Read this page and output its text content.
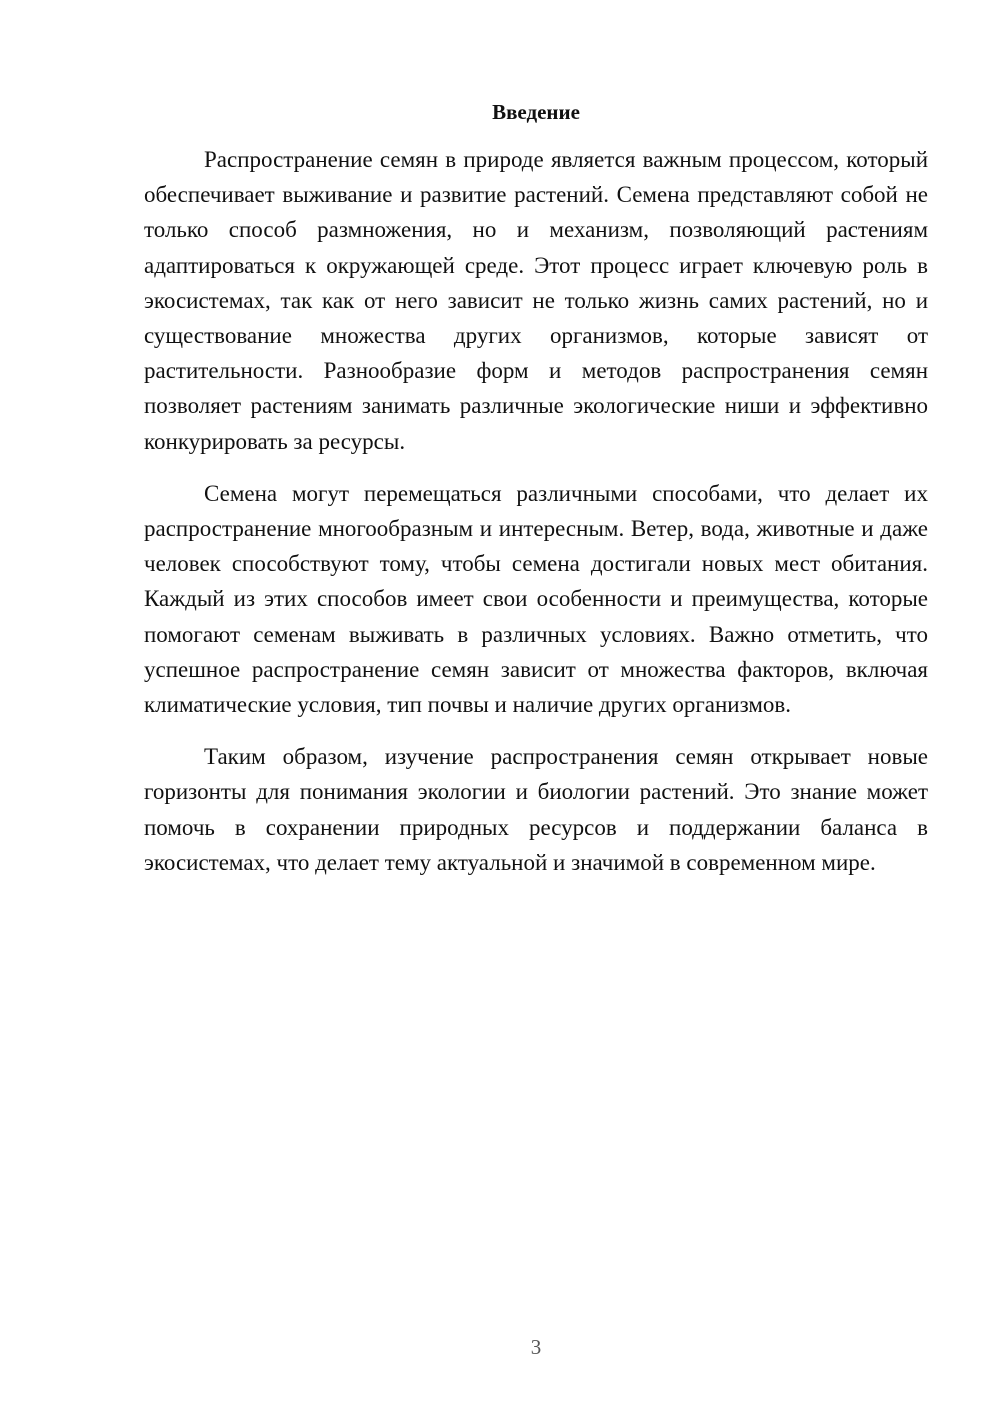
Введение

Распространение семян в природе является важным процессом, который обеспечивает выживание и развитие растений. Семена представляют собой не только способ размножения, но и механизм, позволяющий растениям адаптироваться к окружающей среде. Этот процесс играет ключевую роль в экосистемах, так как от него зависит не только жизнь самих растений, но и существование множества других организмов, которые зависят от растительности. Разнообразие форм и методов распространения семян позволяет растениям занимать различные экологические ниши и эффективно конкурировать за ресурсы.

Семена могут перемещаться различными способами, что делает их распространение многообразным и интересным. Ветер, вода, животные и даже человек способствуют тому, чтобы семена достигали новых мест обитания. Каждый из этих способов имеет свои особенности и преимущества, которые помогают семенам выживать в различных условиях. Важно отметить, что успешное распространение семян зависит от множества факторов, включая климатические условия, тип почвы и наличие других организмов.

Таким образом, изучение распространения семян открывает новые горизонты для понимания экологии и биологии растений. Это знание может помочь в сохранении природных ресурсов и поддержании баланса в экосистемах, что делает тему актуальной и значимой в современном мире.

3
